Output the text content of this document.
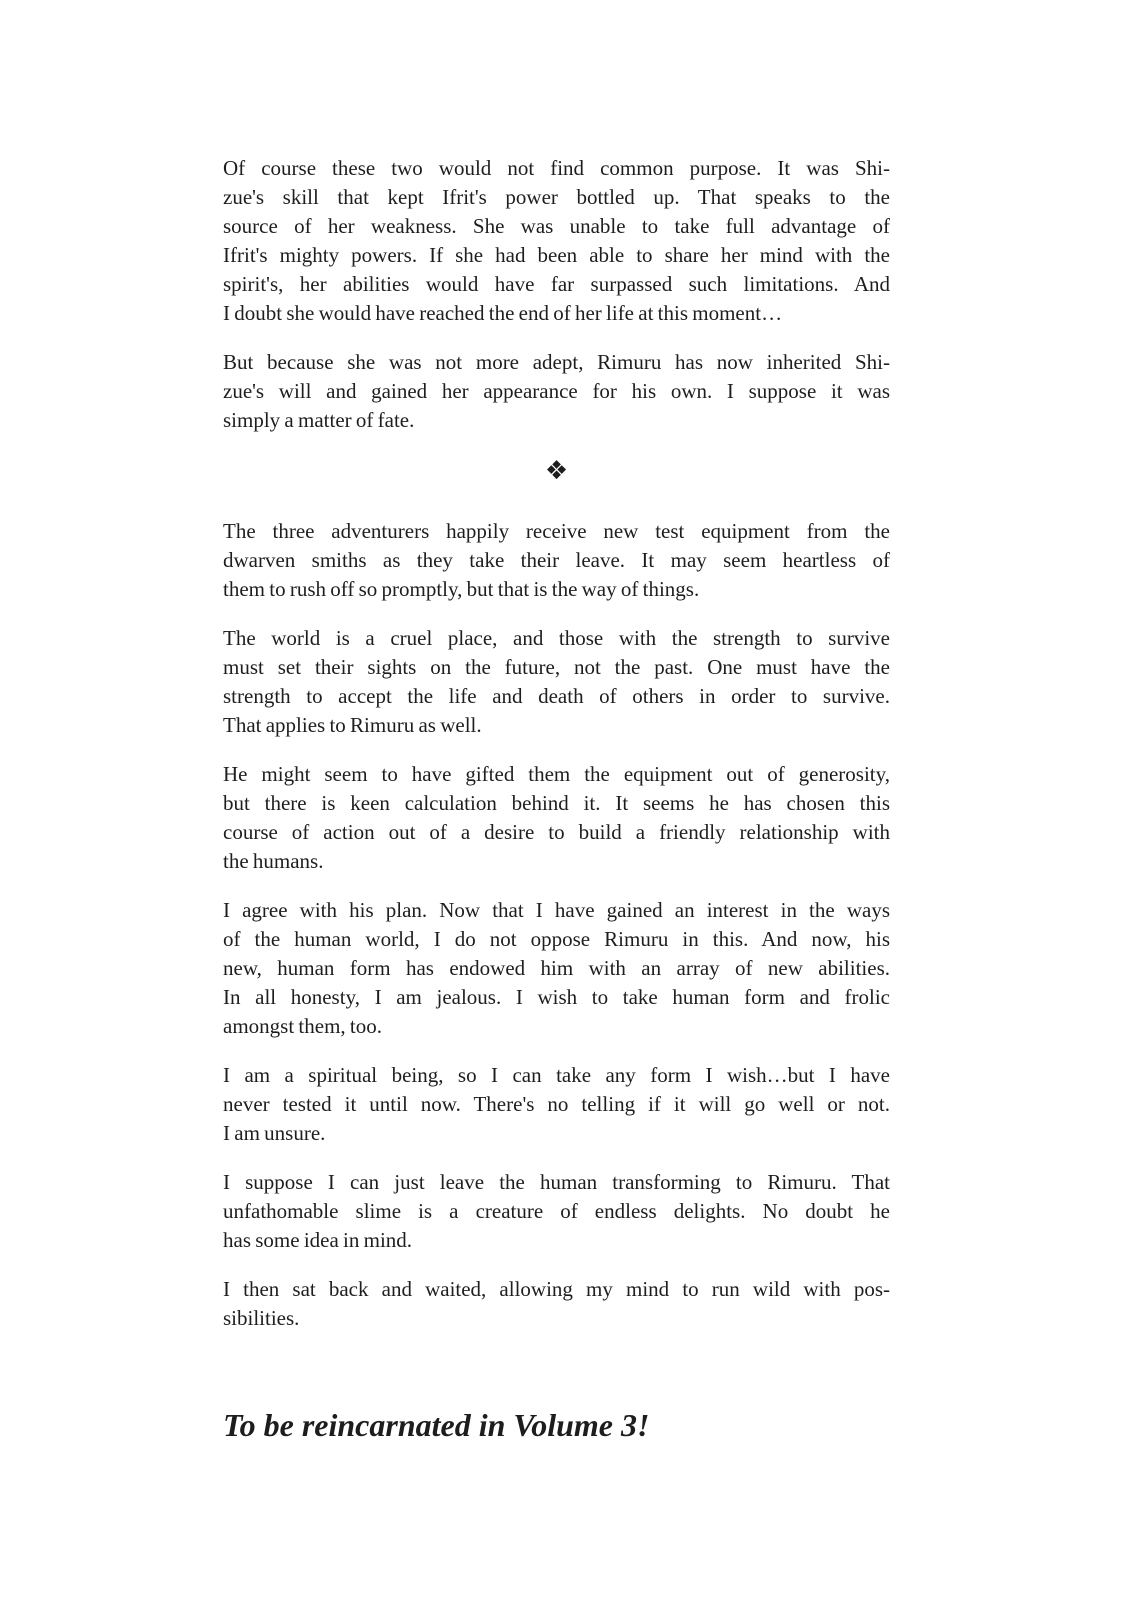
Of course these two would not find common purpose. It was Shi-
zue's skill that kept Ifrit's power bottled up. That speaks to the
source of her weakness. She was unable to take full advantage of
Ifrit's mighty powers. If she had been able to share her mind with the
spirit's, her abilities would have far surpassed such limitations. And
I doubt she would have reached the end of her life at this moment…

But because she was not more adept, Rimuru has now inherited Shi-
zue's will and gained her appearance for his own. I suppose it was
simply a matter of fate.

❖

The three adventurers happily receive new test equipment from the
dwarven smiths as they take their leave. It may seem heartless of
them to rush off so promptly, but that is the way of things.

The world is a cruel place, and those with the strength to survive
must set their sights on the future, not the past. One must have the
strength to accept the life and death of others in order to survive.
That applies to Rimuru as well.

He might seem to have gifted them the equipment out of generosity,
but there is keen calculation behind it. It seems he has chosen this
course of action out of a desire to build a friendly relationship with
the humans.

I agree with his plan. Now that I have gained an interest in the ways
of the human world, I do not oppose Rimuru in this. And now, his
new, human form has endowed him with an array of new abilities.
In all honesty, I am jealous. I wish to take human form and frolic
amongst them, too.

I am a spiritual being, so I can take any form I wish…but I have
never tested it until now. There's no telling if it will go well or not.
I am unsure.

I suppose I can just leave the human transforming to Rimuru. That
unfathomable slime is a creature of endless delights. No doubt he
has some idea in mind.

I then sat back and waited, allowing my mind to run wild with pos-
sibilities.

To be reincarnated in Volume 3!
